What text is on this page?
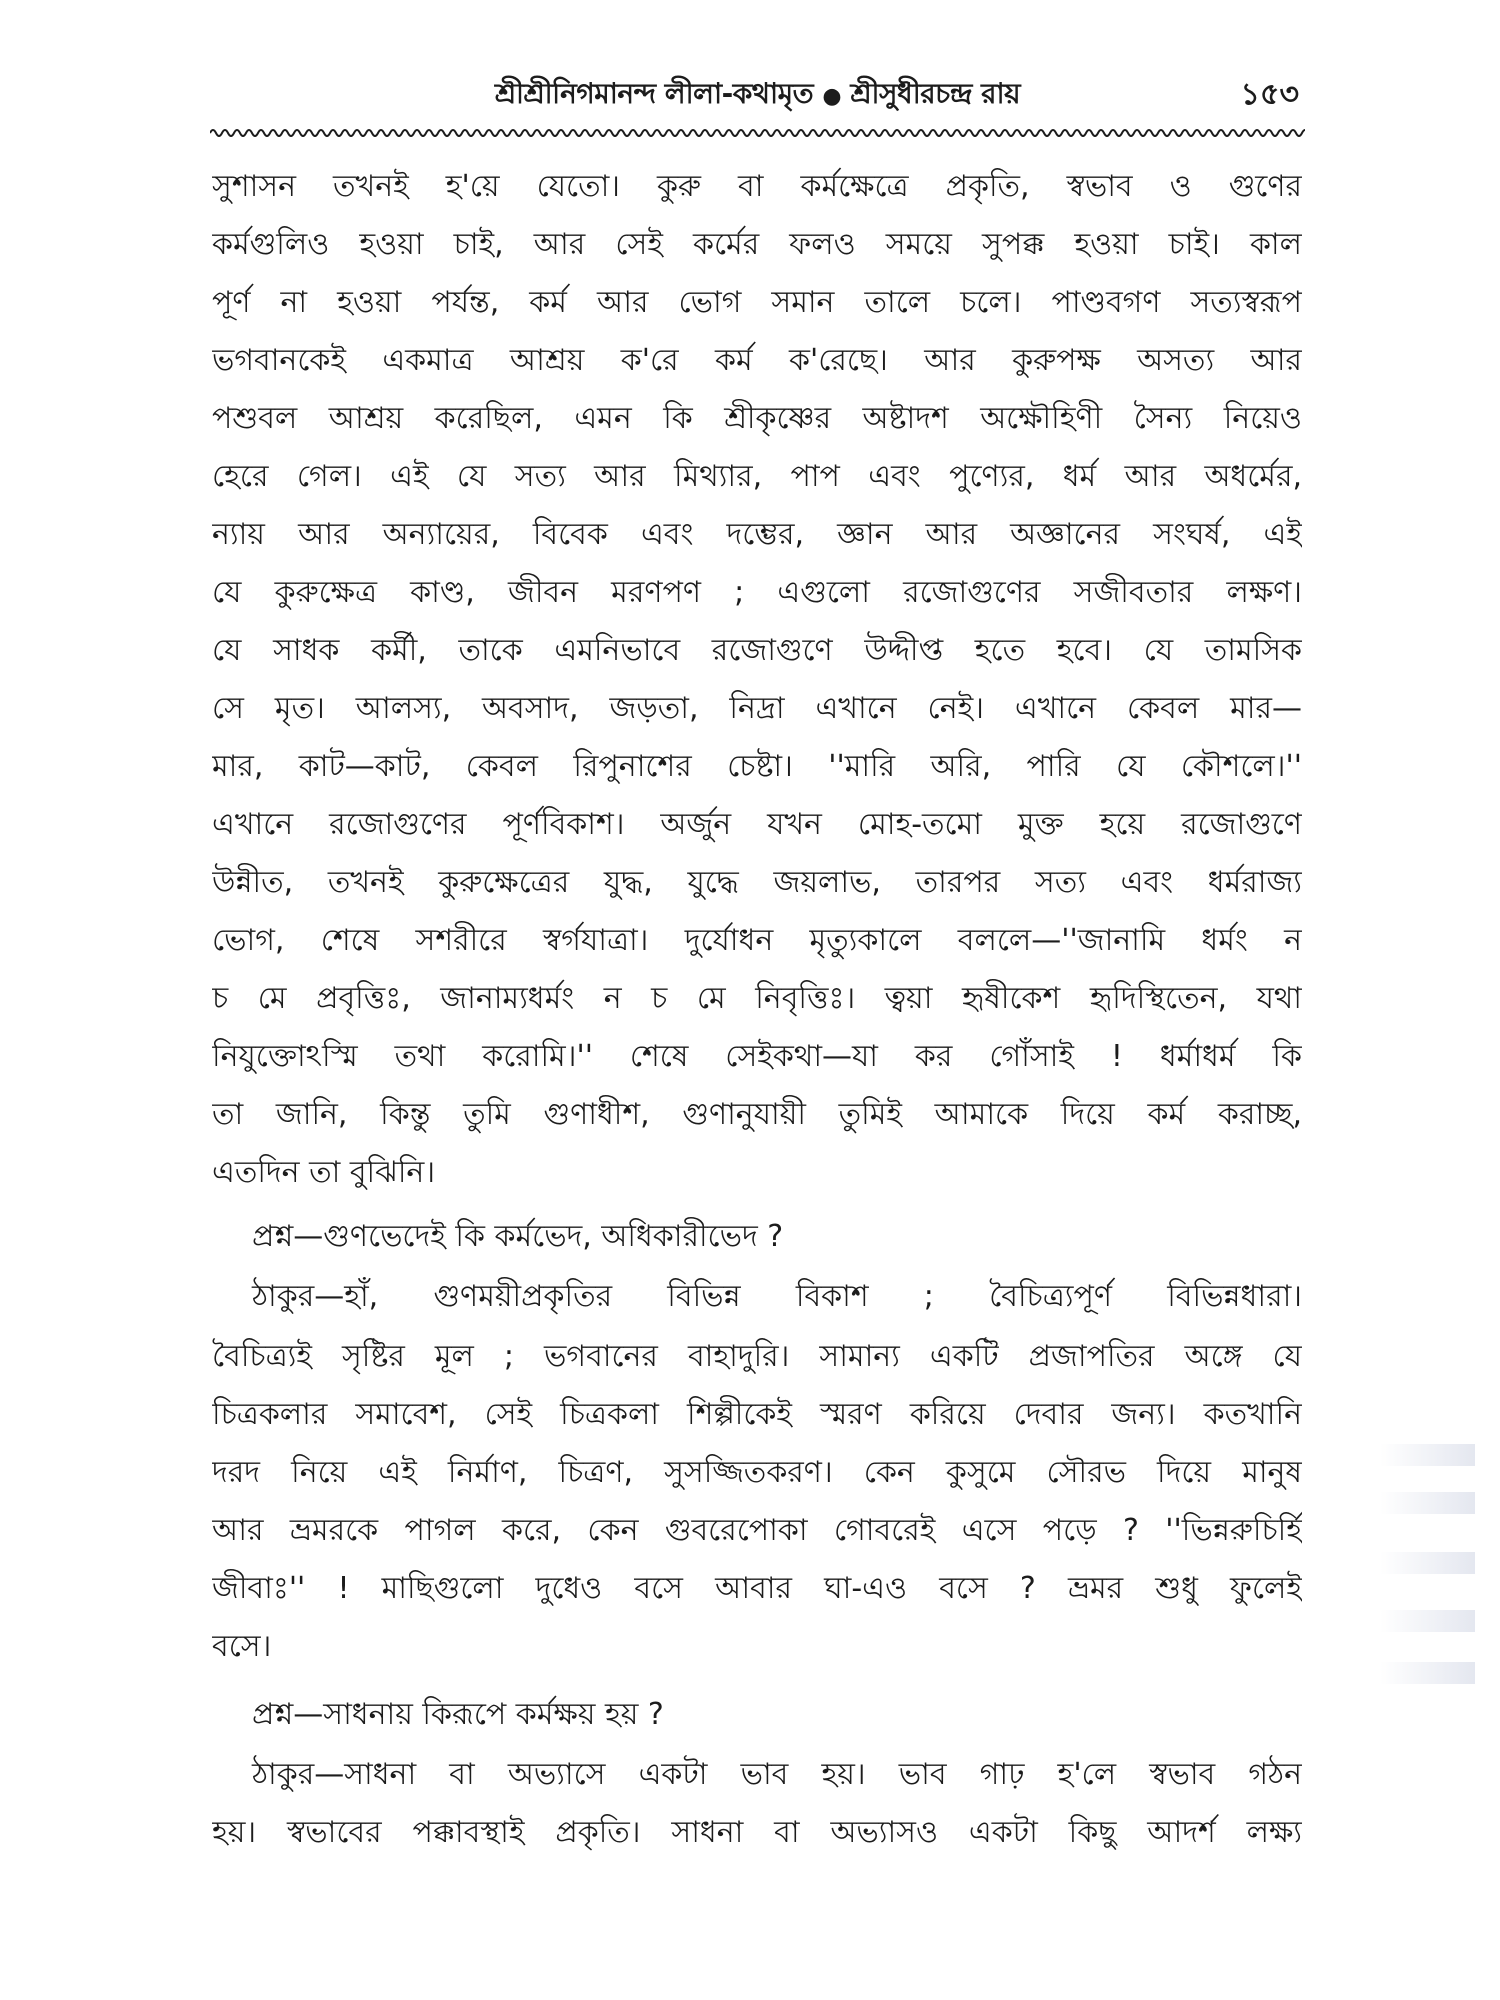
শ্রীশ্রীনিগমানন্দ লীলা-কথামৃত ● শ্রীসুধীরচন্দ্র রায়	১৫৩
সুশাসন তখনই হ'য়ে যেতো। কুরু বা কর্মক্ষেত্রে প্রকৃতি, স্বভাব ও গুণের
কর্মগুলিও হওয়া চাই, আর সেই কর্মের ফলও সময়ে সুপক্ক হওয়া চাই। কাল
পূর্ণ না হওয়া পর্যন্ত, কর্ম আর ভোগ সমান তালে চলে। পাণ্ডবগণ সত্যস্বরূপ
ভগবানকেই একমাত্র আশ্রয় ক'রে কর্ম ক'রেছে। আর কুরুপক্ষ অসত্য আর
পশুবল আশ্রয় করেছিল, এমন কি শ্রীকৃষ্ণের অষ্টাদশ অক্ষৌহিণী সৈন্য নিয়েও
হেরে গেল। এই যে সত্য আর মিথ্যার, পাপ এবং পুণ্যের, ধর্ম আর অধর্মের,
ন্যায় আর অন্যায়ের, বিবেক এবং দম্ভের, জ্ঞান আর অজ্ঞানের সংঘর্ষ, এই
যে কুরুক্ষেত্র কাণ্ড, জীবন মরণপণ ; এগুলো রজোগুণের সজীবতার লক্ষণ।
যে সাধক কর্মী, তাকে এমনিভাবে রজোগুণে উদ্দীপ্ত হতে হবে। যে তামসিক
সে মৃত। আলস্য, অবসাদ, জড়তা, নিদ্রা এখানে নেই। এখানে কেবল মার—
মার, কাট—কাট, কেবল রিপুনাশের চেষ্টা। ''মারি অরি, পারি যে কৌশলে।''
এখানে রজোগুণের পূর্ণবিকাশ। অর্জুন যখন মোহ-তমো মুক্ত হয়ে রজোগুণে
উন্নীত, তখনই কুরুক্ষেত্রের যুদ্ধ, যুদ্ধে জয়লাভ, তারপর সত্য এবং ধর্মরাজ্য
ভোগ, শেষে সশরীরে স্বর্গযাত্রা। দুর্যোধন মৃত্যুকালে বললে—''জানামি ধর্মং ন
চ মে প্রবৃত্তিঃ, জানাম্যধর্মং ন চ মে নিবৃত্তিঃ। ত্বয়া হৃষীকেশ হৃদিস্থিতেন, যথা
নিযুক্তোঽস্মি তথা করোমি।'' শেষে সেইকথা—যা কর গোঁসাই ! ধর্মাধর্ম কি
তা জানি, কিন্তু তুমি গুণাধীশ, গুণানুযায়ী তুমিই আমাকে দিয়ে কর্ম করাচ্ছ,
এতদিন তা বুঝিনি।
প্রশ্ন—গুণভেদেই কি কর্মভেদ, অধিকারীভেদ ?
ঠাকুর—হাঁ, গুণময়ীপ্রকৃতির বিভিন্ন বিকাশ ; বৈচিত্র্যপূর্ণ বিভিন্নধারা।
বৈচিত্র্যই সৃষ্টির মূল ; ভগবানের বাহাদুরি। সামান্য একটি প্রজাপতির অঙ্গে যে
চিত্রকলার সমাবেশ, সেই চিত্রকলা শিল্পীকেই স্মরণ করিয়ে দেবার জন্য। কতখানি
দরদ নিয়ে এই নির্মাণ, চিত্রণ, সুসজ্জিতকরণ। কেন কুসুমে সৌরভ দিয়ে মানুষ
আর ভ্রমরকে পাগল করে, কেন গুবরেপোকা গোবরেই এসে পড়ে ? ''ভিন্নরুচির্হি
জীবাঃ'' ! মাছিগুলো দুধেও বসে আবার ঘা-এও বসে ? ভ্রমর শুধু ফুলেই
বসে।
প্রশ্ন—সাধনায় কিরূপে কর্মক্ষয় হয় ?
ঠাকুর—সাধনা বা অভ্যাসে একটা ভাব হয়। ভাব গাঢ় হ'লে স্বভাব গঠন
হয়। স্বভাবের পক্কাবস্থাই প্রকৃতি। সাধনা বা অভ্যাসও একটা কিছু আদর্শ লক্ষ্য
